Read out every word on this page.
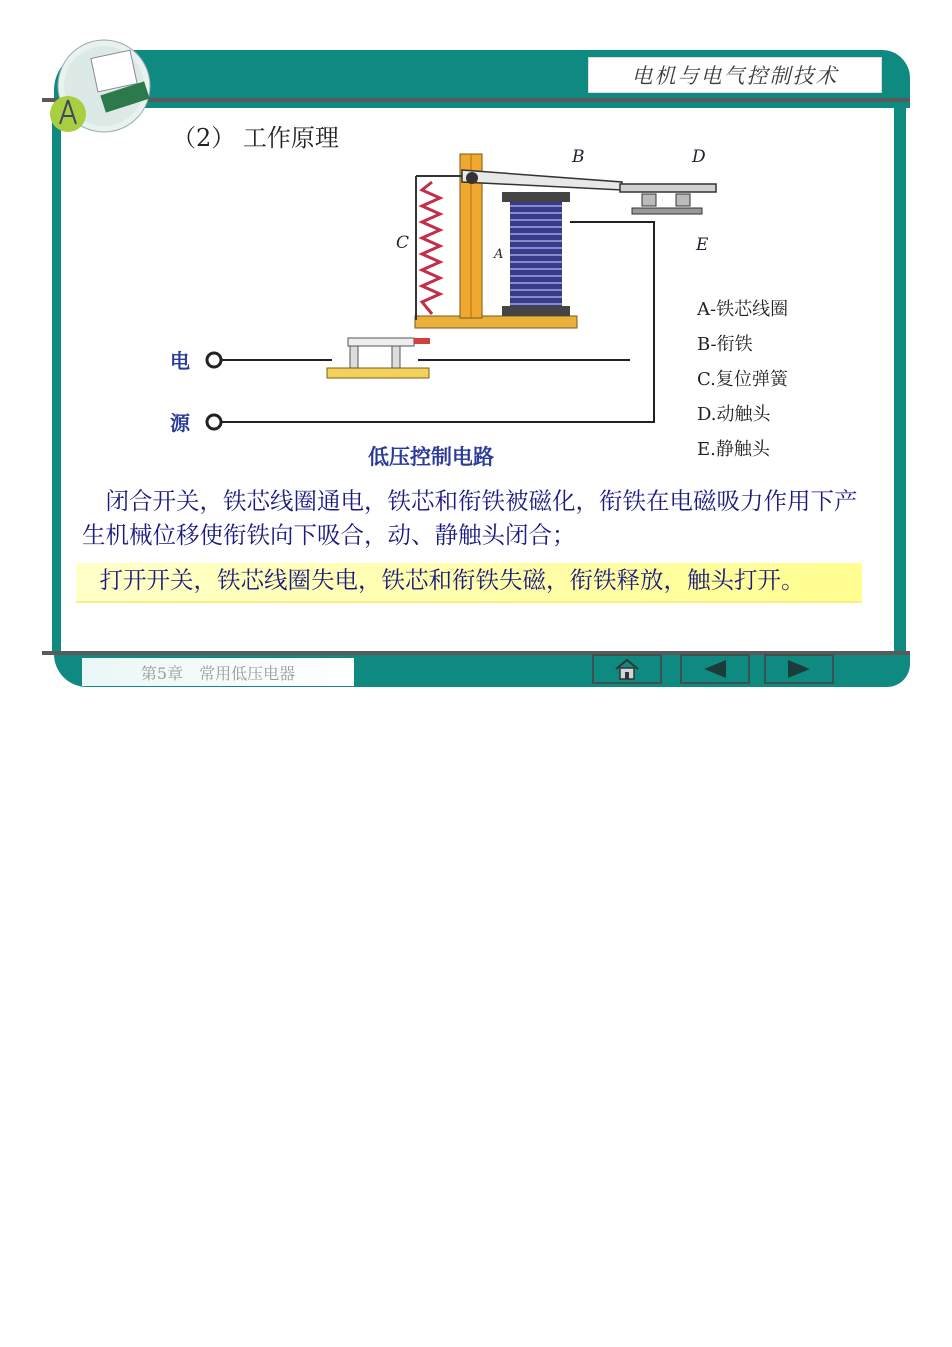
电机与电气控制技术
第5章　常用低压电器
（2） 工作原理
B	D
E
C
A
电
源
低压控制电路
A-铁芯线圈
B-衔铁
C.复位弹簧
D.动触头
E.静触头
　闭合开关，铁芯线圈通电，铁芯和衔铁被磁化，衔铁在电磁吸力作用下产生机械位移使衔铁向下吸合，动、静触头闭合；
　打开开关，铁芯线圈失电，铁芯和衔铁失磁，衔铁释放，触头打开。
